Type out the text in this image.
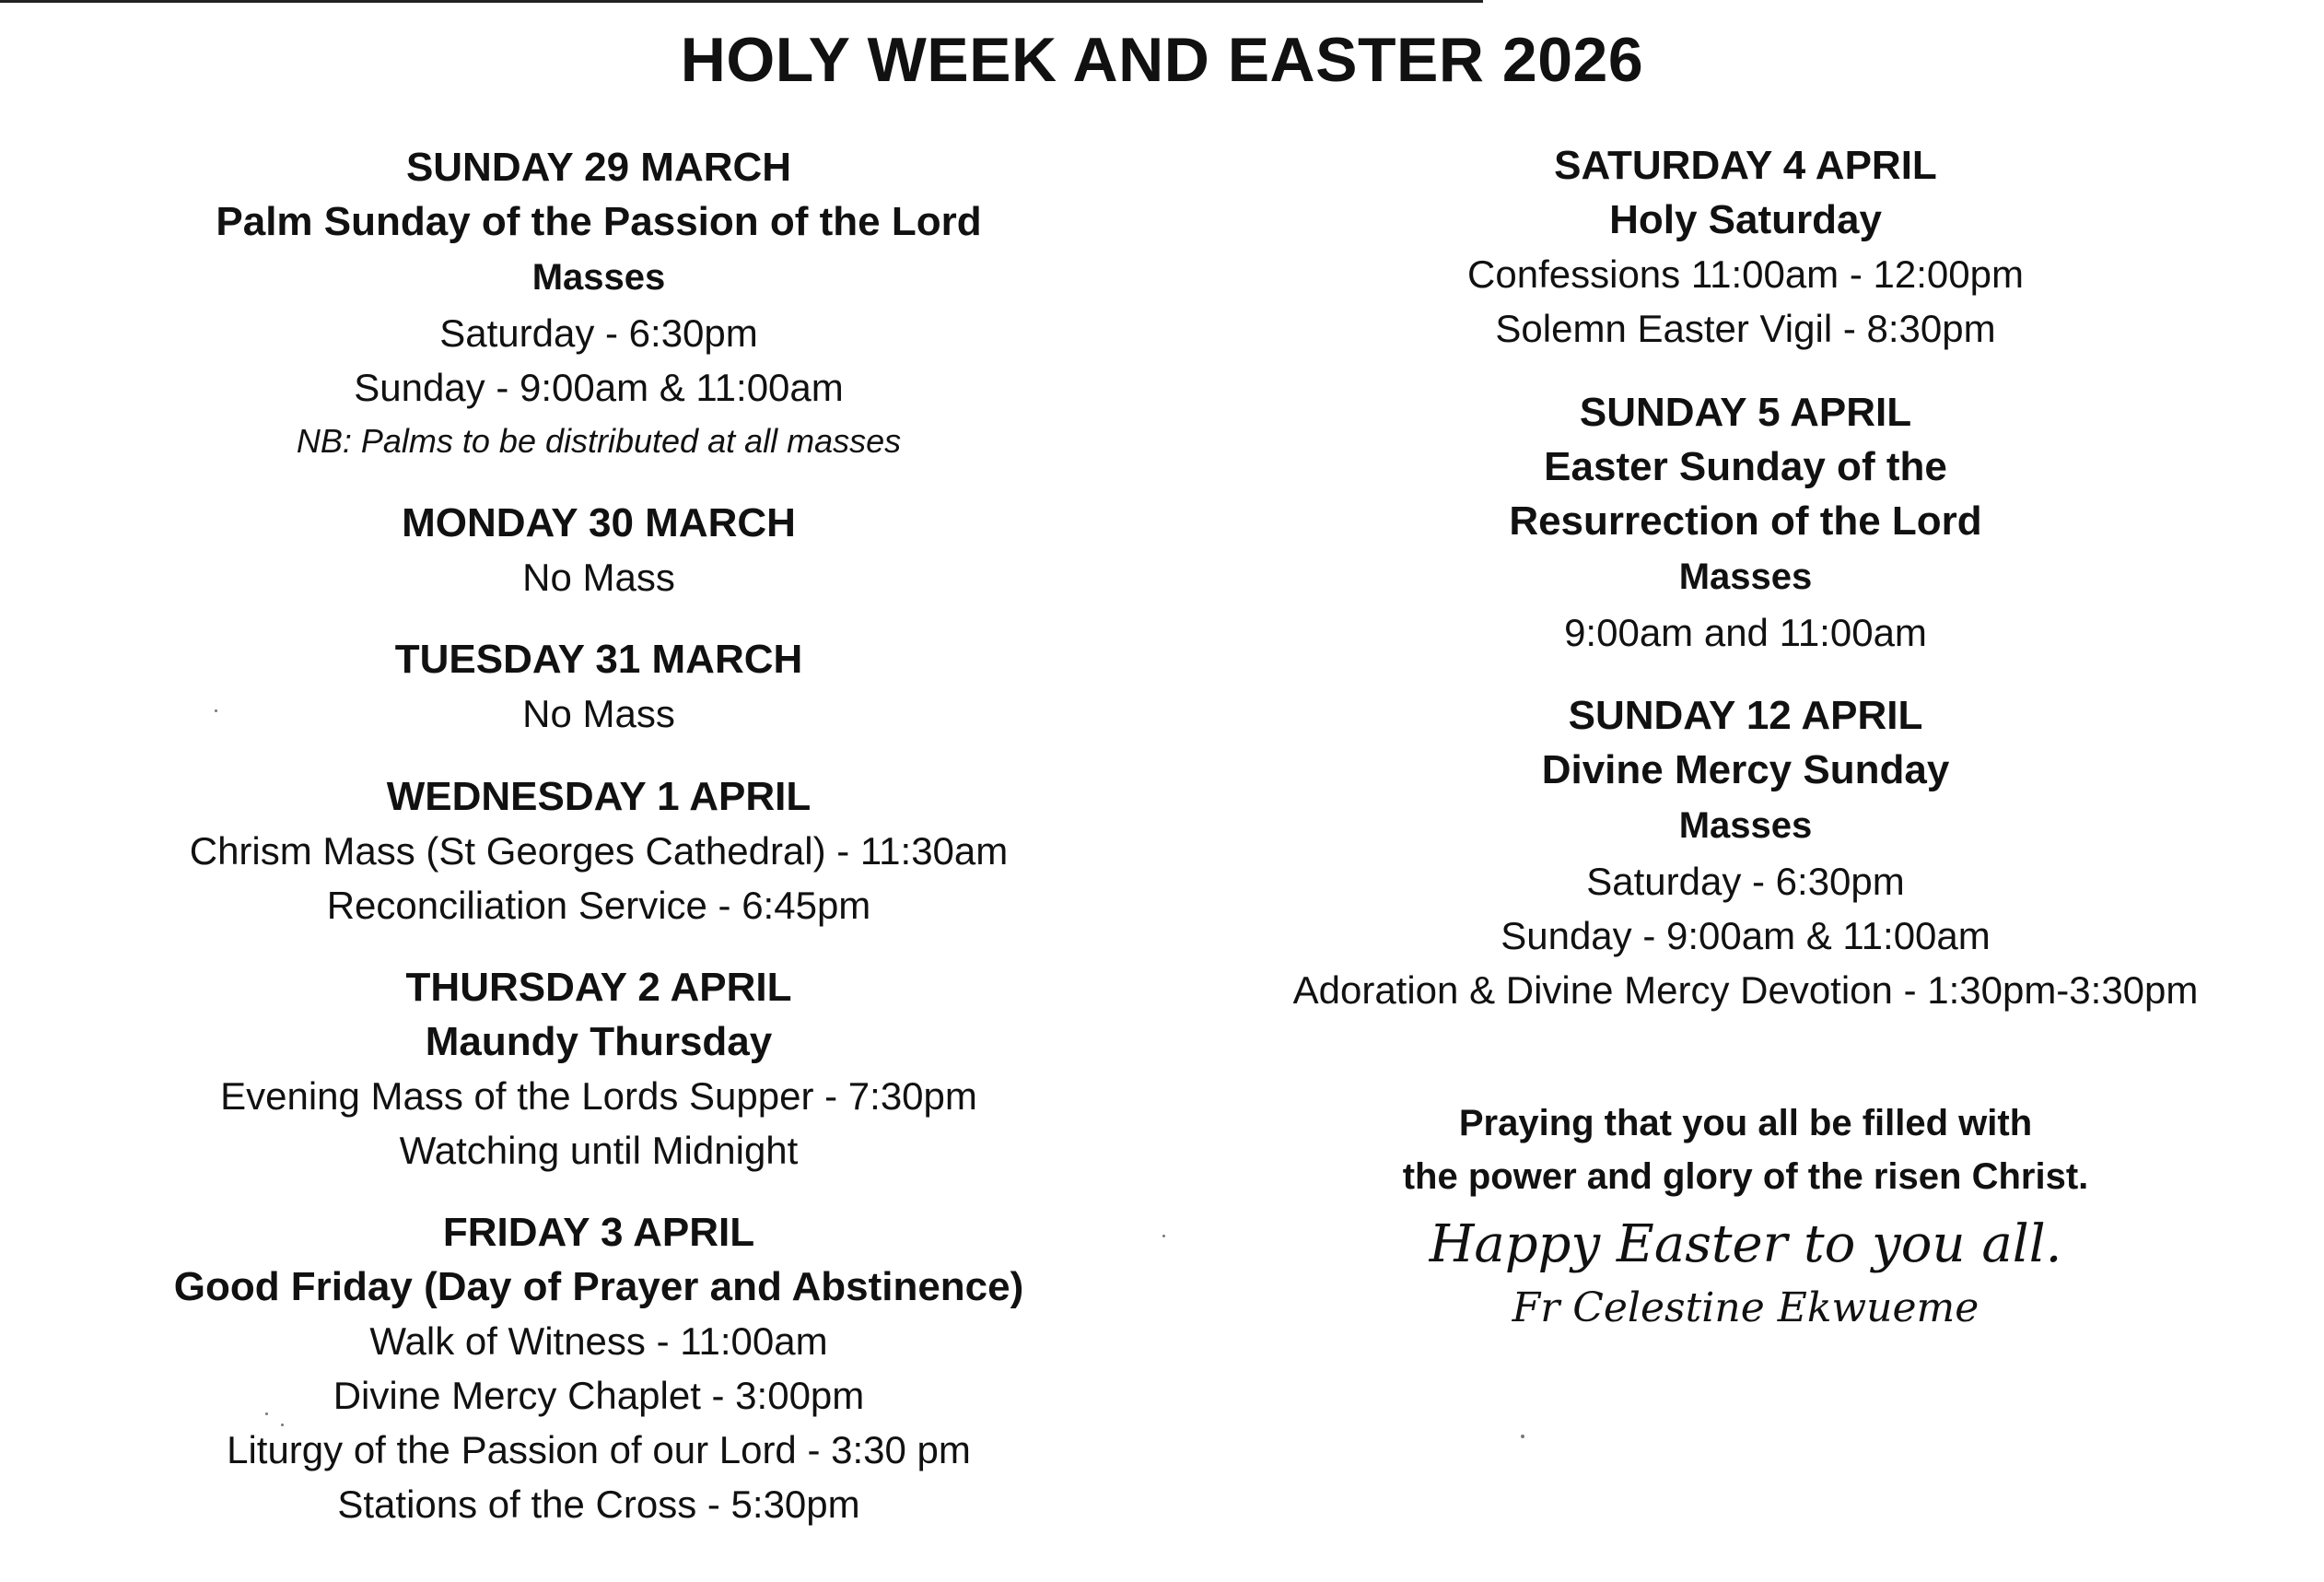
HOLY WEEK AND EASTER 2026
SUNDAY 29 MARCH
Palm Sunday of the Passion of the Lord
Masses
Saturday - 6:30pm
Sunday - 9:00am & 11:00am
NB: Palms to be distributed at all masses
MONDAY 30 MARCH
No Mass
TUESDAY 31 MARCH
No Mass
WEDNESDAY 1 APRIL
Chrism Mass (St Georges Cathedral) - 11:30am
Reconciliation Service - 6:45pm
THURSDAY 2 APRIL
Maundy Thursday
Evening Mass of the Lords Supper - 7:30pm
Watching until Midnight
FRIDAY 3 APRIL
Good Friday (Day of Prayer and Abstinence)
Walk of Witness - 11:00am
Divine Mercy Chaplet - 3:00pm
Liturgy of the Passion of our Lord - 3:30 pm
Stations of the Cross - 5:30pm
SATURDAY 4 APRIL
Holy Saturday
Confessions 11:00am - 12:00pm
Solemn Easter Vigil - 8:30pm
SUNDAY 5 APRIL
Easter Sunday of the
Resurrection of the Lord
Masses
9:00am and 11:00am
SUNDAY 12 APRIL
Divine Mercy Sunday
Masses
Saturday - 6:30pm
Sunday - 9:00am & 11:00am
Adoration & Divine Mercy Devotion - 1:30pm-3:30pm
Praying that you all be filled with
the power and glory of the risen Christ.
Happy Easter to you all.
Fr Celestine Ekwueme
